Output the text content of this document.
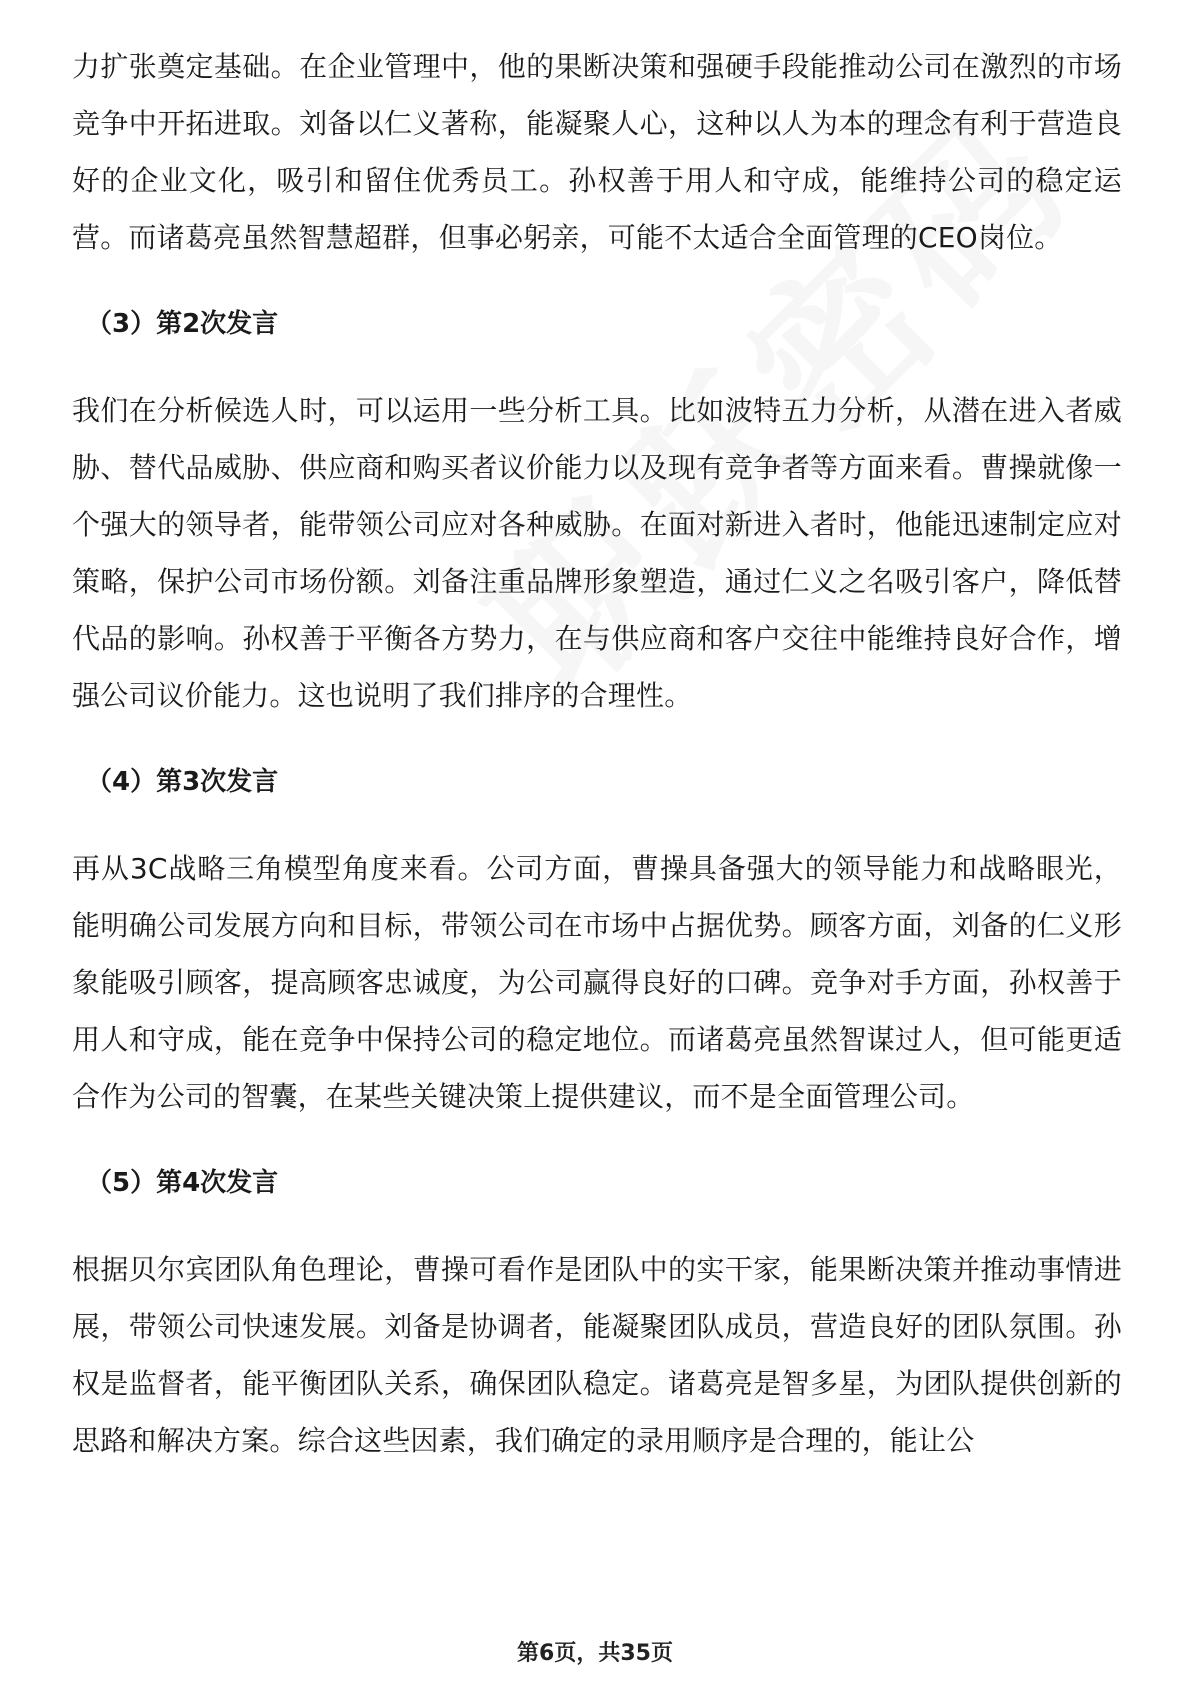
力扩张奠定基础。在企业管理中，他的果断决策和强硬手段能推动公司在激烈的市场竞争中开拓进取。刘备以仁义著称，能凝聚人心，这种以人为本的理念有利于营造良好的企业文化，吸引和留住优秀员工。孙权善于用人和守成，能维持公司的稳定运营。而诸葛亮虽然智慧超群，但事必躬亲，可能不太适合全面管理的CEO岗位。

（3）第2次发言

我们在分析候选人时，可以运用一些分析工具。比如波特五力分析，从潜在进入者威胁、替代品威胁、供应商和购买者议价能力以及现有竞争者等方面来看。曹操就像一个强大的领导者，能带领公司应对各种威胁。在面对新进入者时，他能迅速制定应对策略，保护公司市场份额。刘备注重品牌形象塑造，通过仁义之名吸引客户，降低替代品的影响。孙权善于平衡各方势力，在与供应商和客户交往中能维持良好合作，增强公司议价能力。这也说明了我们排序的合理性。

（4）第3次发言

再从3C战略三角模型角度来看。公司方面，曹操具备强大的领导能力和战略眼光，能明确公司发展方向和目标，带领公司在市场中占据优势。顾客方面，刘备的仁义形象能吸引顾客，提高顾客忠诚度，为公司赢得良好的口碑。竞争对手方面，孙权善于用人和守成，能在竞争中保持公司的稳定地位。而诸葛亮虽然智谋过人，但可能更适合作为公司的智囊，在某些关键决策上提供建议，而不是全面管理公司。

（5）第4次发言

根据贝尔宾团队角色理论，曹操可看作是团队中的实干家，能果断决策并推动事情进展，带领公司快速发展。刘备是协调者，能凝聚团队成员，营造良好的团队氛围。孙权是监督者，能平衡团队关系，确保团队稳定。诸葛亮是智多星，为团队提供创新的思路和解决方案。综合这些因素，我们确定的录用顺序是合理的，能让公

第6页，共35页
